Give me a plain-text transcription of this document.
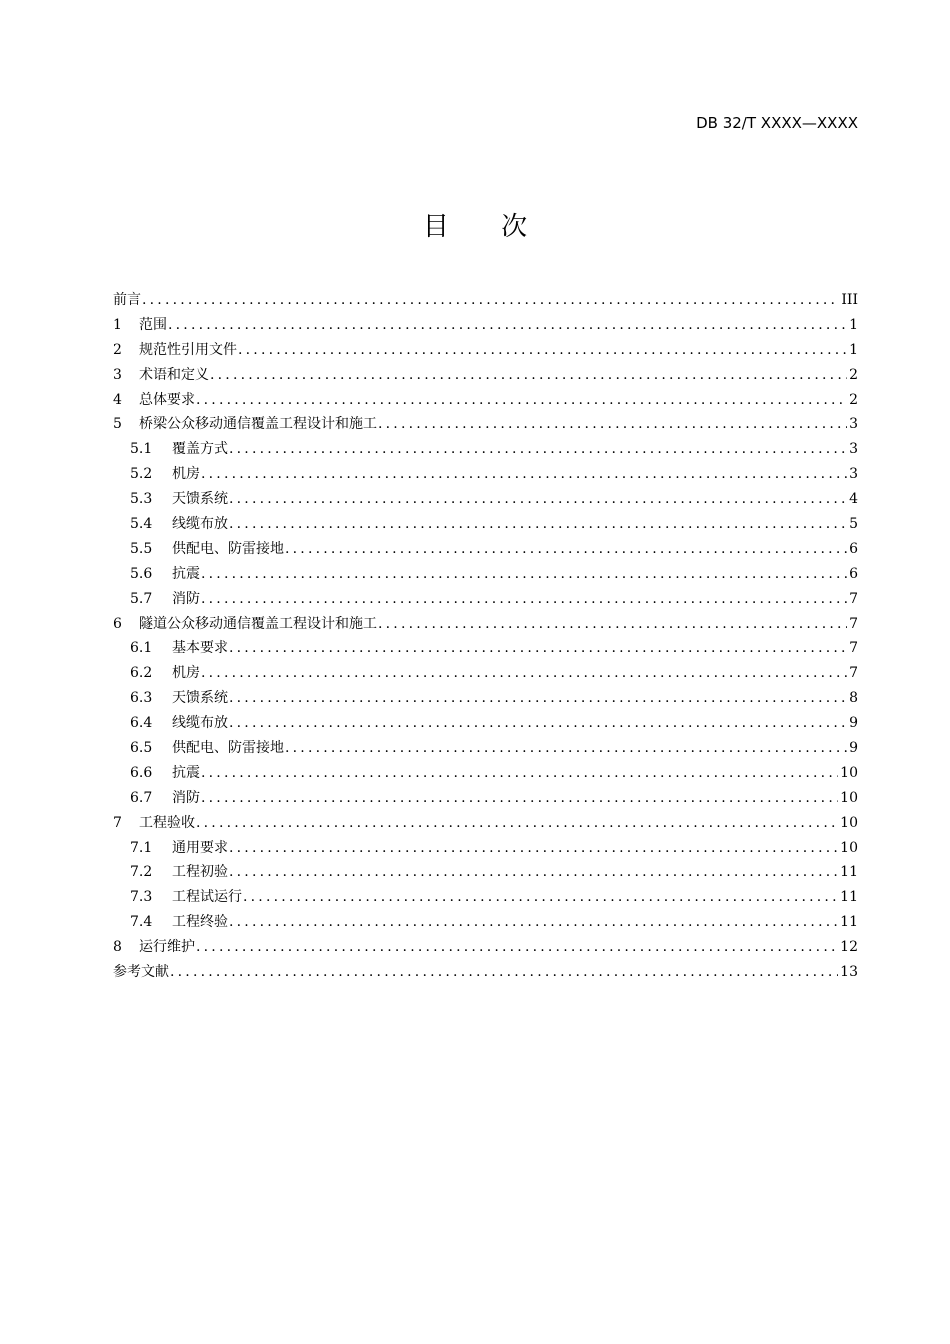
DB 32/T XXXX—XXXX
目 次
前言 .....	III
1	范围 .....	1
2	规范性引用文件 .....	1
3	术语和定义 .....	2
4	总体要求 .....	2
5	桥梁公众移动通信覆盖工程设计和施工 .....	3
5.1	覆盖方式 .....	3
5.2	机房 .....	3
5.3	天馈系统 .....	4
5.4	线缆布放 .....	5
5.5	供配电、防雷接地 .....	6
5.6	抗震 .....	6
5.7	消防 .....	7
6	隧道公众移动通信覆盖工程设计和施工 .....	7
6.1	基本要求 .....	7
6.2	机房 .....	7
6.3	天馈系统 .....	8
6.4	线缆布放 .....	9
6.5	供配电、防雷接地 .....	9
6.6	抗震 .....	10
6.7	消防 .....	10
7	工程验收 .....	10
7.1	通用要求 .....	10
7.2	工程初验 .....	11
7.3	工程试运行 .....	11
7.4	工程终验 .....	11
8	运行维护 .....	12
参考文献 .....	13
